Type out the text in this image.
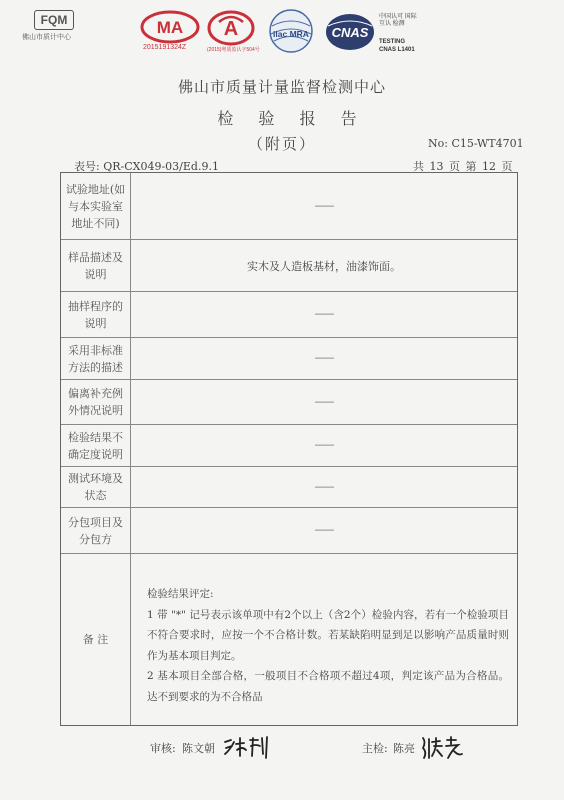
FQM
佛山市质计中心
MA
2015191324Z
A
(2015)粤质监认字504号
ilac MRA CNAS
中国认可 国际互认 检测
TESTING
CNAS L1401
佛山市质量计量监督检测中心
检 验 报 告
（附页）	No: C15-WT4701
表号: QR-CX049-03/Ed.9.1	共 13 页 第 12 页
试验地址(如与本实验室地址不同)
--------
样品描述及说明
实木及人造板基材，油漆饰面。
抽样程序的说明
--------
采用非标准方法的描述
--------
偏离补充例外情况说明
--------
检验结果不确定度说明
--------
测试环境及状态
--------
分包项目及分包方
--------
备 注

检验结果评定:

1 带 "*" 记号表示该单项中有2个以上（含2个）检验内容，若有一个检验项目不符合要求时，应按一个不合格计数。若某缺陷明显到足以影响产品质量时则作为基本项目判定。

2 基本项目全部合格，一般项目不合格项不超过4项，判定该产品为合格品。达不到要求的为不合格品

审核: 陈文朝	主检: 陈亮
